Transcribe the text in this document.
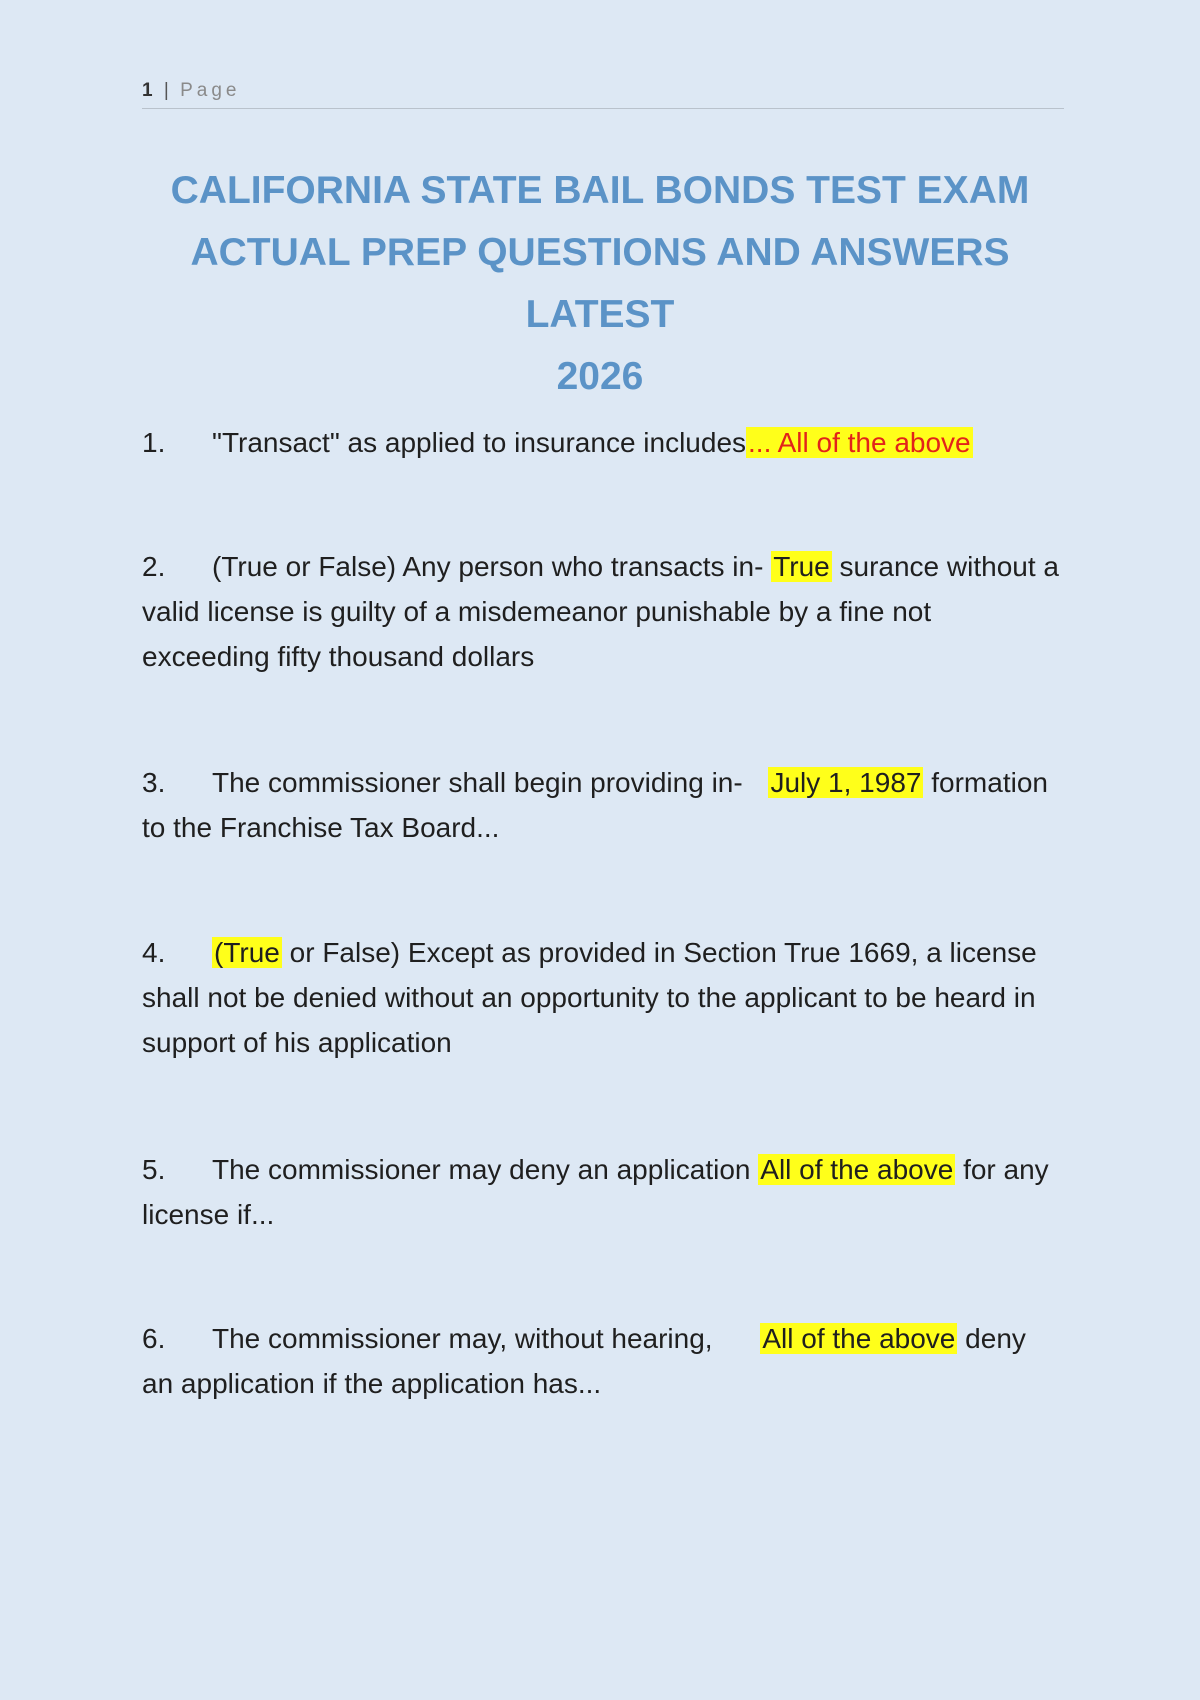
1 | Page
CALIFORNIA STATE BAIL BONDS TEST EXAM
ACTUAL PREP QUESTIONS AND ANSWERS LATEST
2026
1. "Transact" as applied to insurance includes... All of the above
2. (True or False) Any person who transacts in- True surance without a valid license is guilty of a misdemeanor punishable by a fine not exceeding fifty thousand dollars
3. The commissioner shall begin providing in- July 1, 1987 formation to the Franchise Tax Board...
4. (True or False) Except as provided in Section True 1669, a license shall not be denied without an opportunity to the applicant to be heard in support of his application
5. The commissioner may deny an application All of the above for any license if...
6. The commissioner may, without hearing, All of the above deny an application if the application has...
